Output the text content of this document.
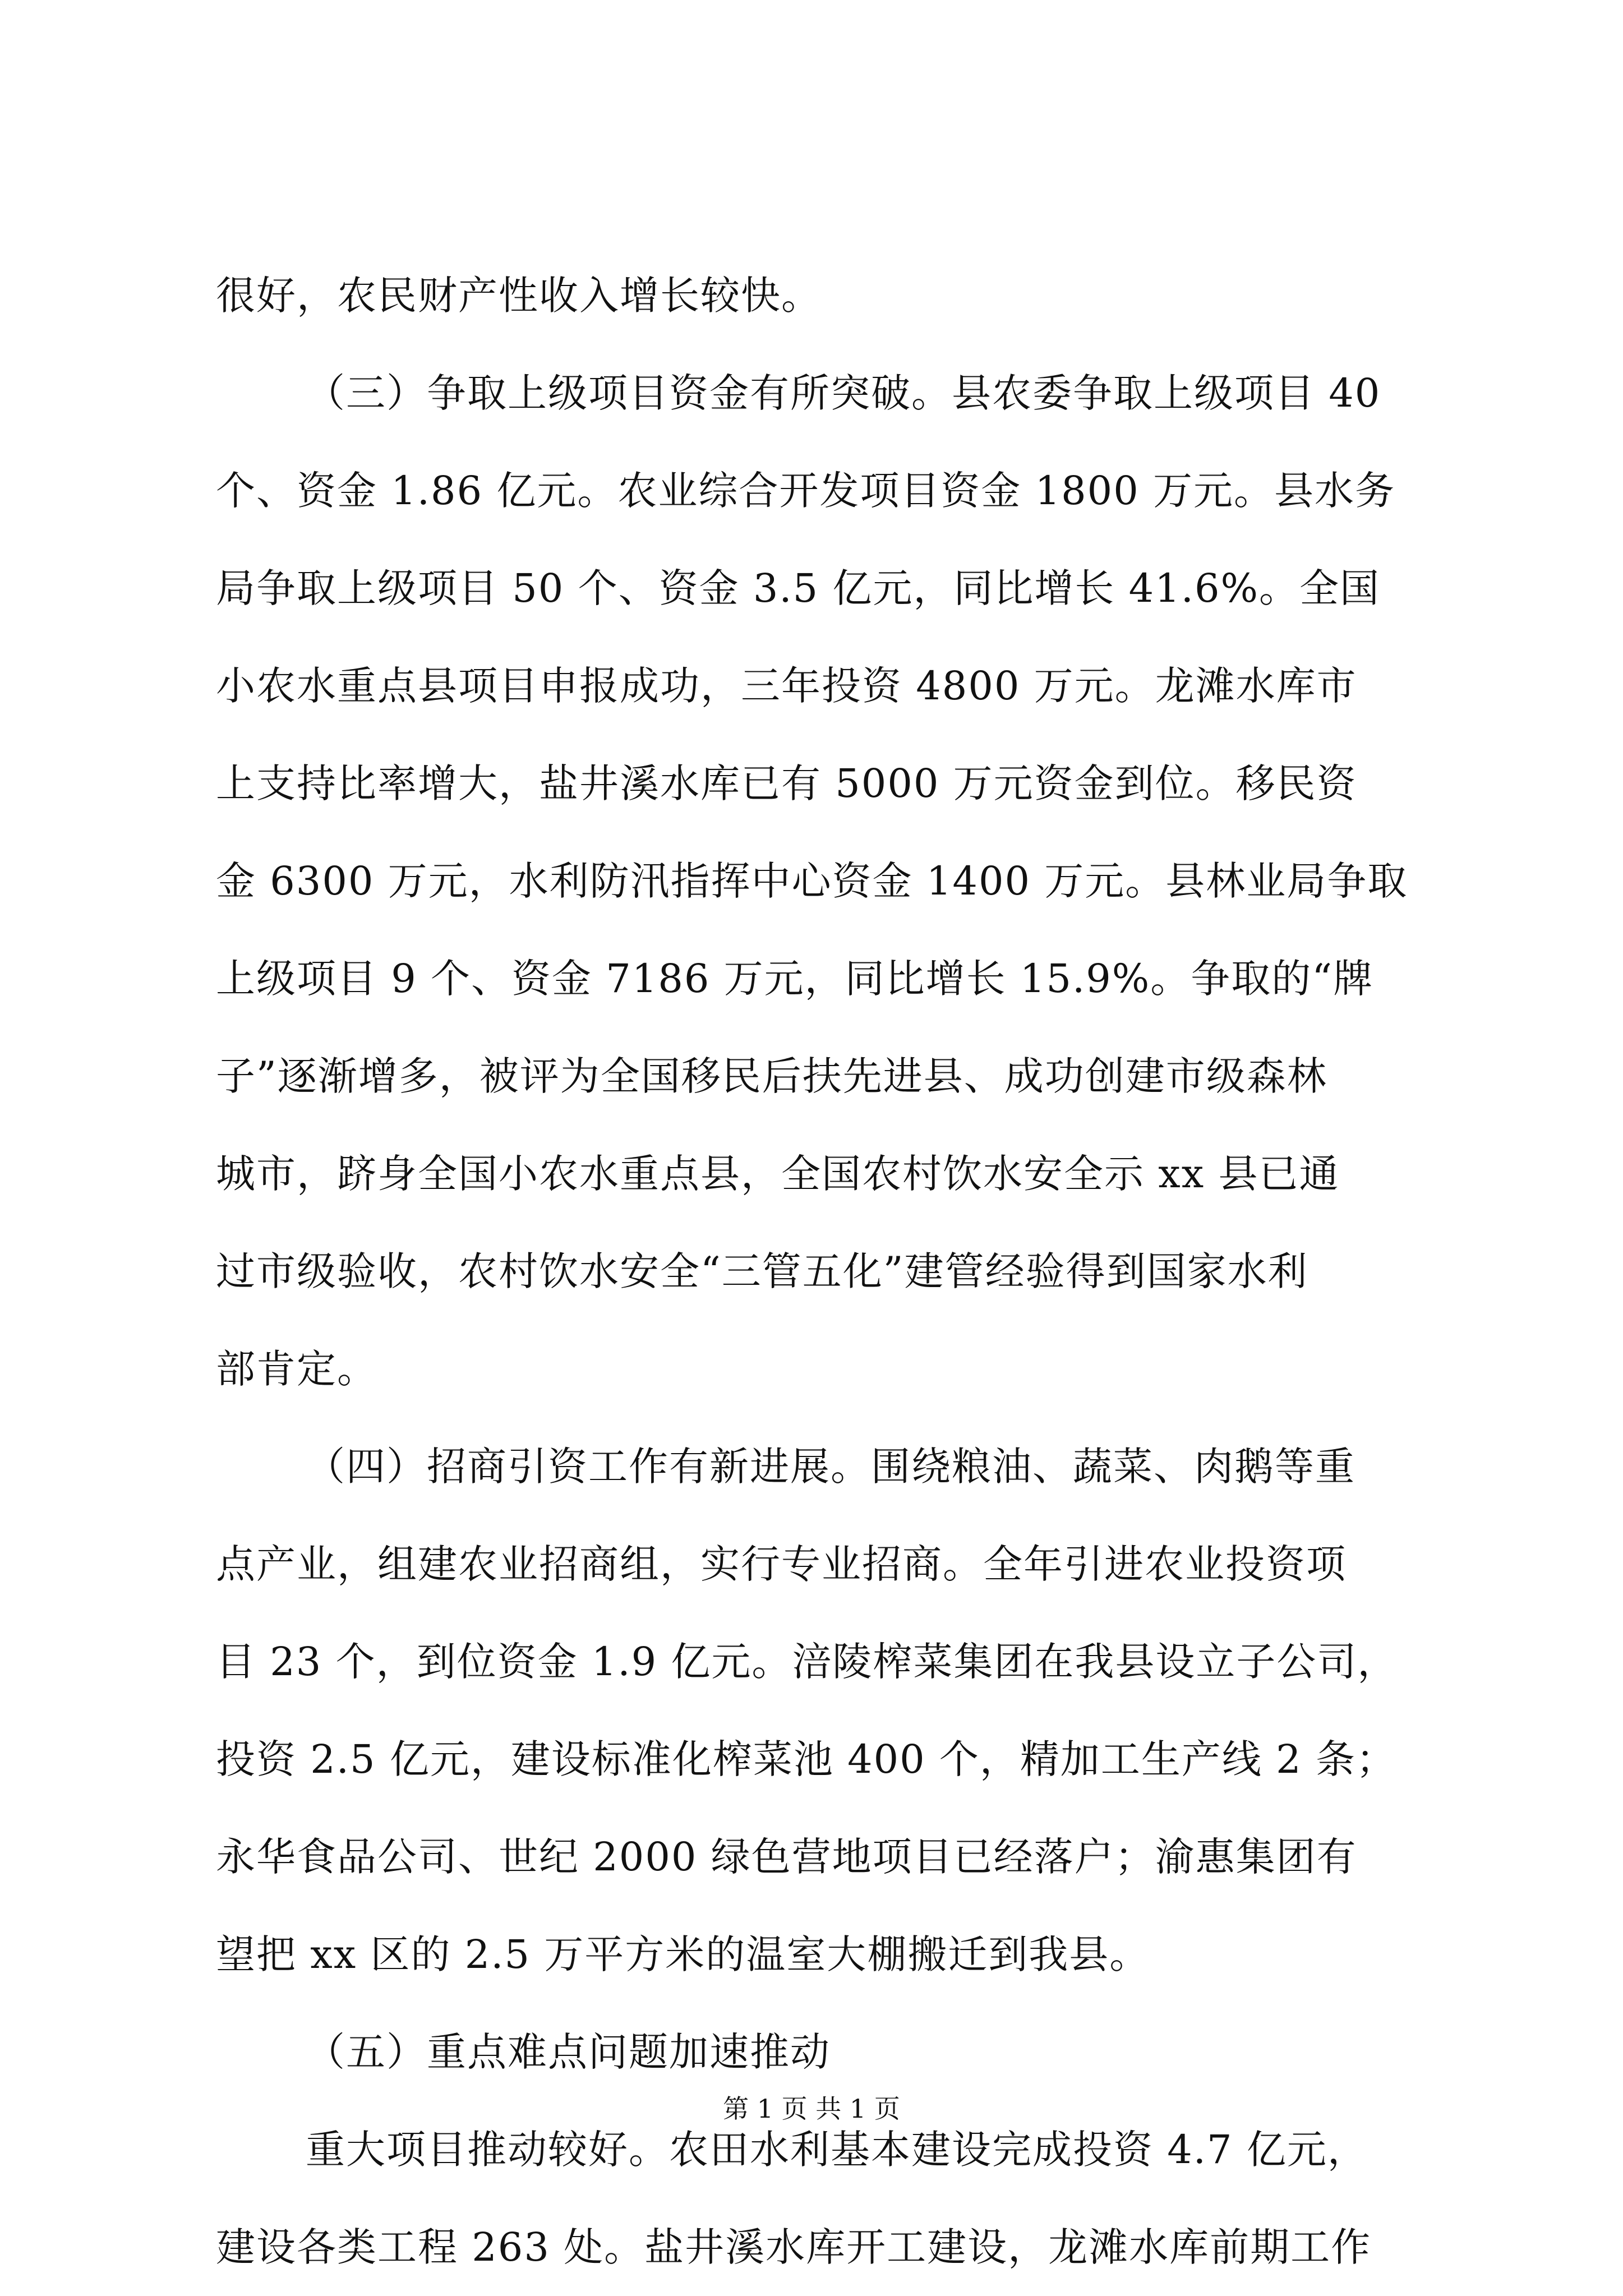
很好，农民财产性收入增长较快。
（三）争取上级项目资金有所突破。县农委争取上级项目 40
个、资金 1.86 亿元。农业综合开发项目资金 1800 万元。县水务
局争取上级项目 50 个、资金 3.5 亿元，同比增长 41.6%。全国
小农水重点县项目申报成功，三年投资 4800 万元。龙滩水库市
上支持比率增大，盐井溪水库已有 5000 万元资金到位。移民资
金 6300 万元，水利防汛指挥中心资金 1400 万元。县林业局争取
上级项目 9 个、资金 7186 万元，同比增长 15.9%。争取的“牌
子”逐渐增多，被评为全国移民后扶先进县、成功创建市级森林
城市，跻身全国小农水重点县，全国农村饮水安全示 xx 县已通
过市级验收，农村饮水安全“三管五化”建管经验得到国家水利
部肯定。
（四）招商引资工作有新进展。围绕粮油、蔬菜、肉鹅等重
点产业，组建农业招商组，实行专业招商。全年引进农业投资项
目 23 个，到位资金 1.9 亿元。涪陵榨菜集团在我县设立子公司，
投资 2.5 亿元，建设标准化榨菜池 400 个，精加工生产线 2 条；
永华食品公司、世纪 2000 绿色营地项目已经落户；渝惠集团有
望把 xx 区的 2.5 万平方米的温室大棚搬迁到我县。
（五）重点难点问题加速推动
重大项目推动较好。农田水利基本建设完成投资 4.7 亿元，
建设各类工程 263 处。盐井溪水库开工建设，龙滩水库前期工作
第 1 页 共 1 页
